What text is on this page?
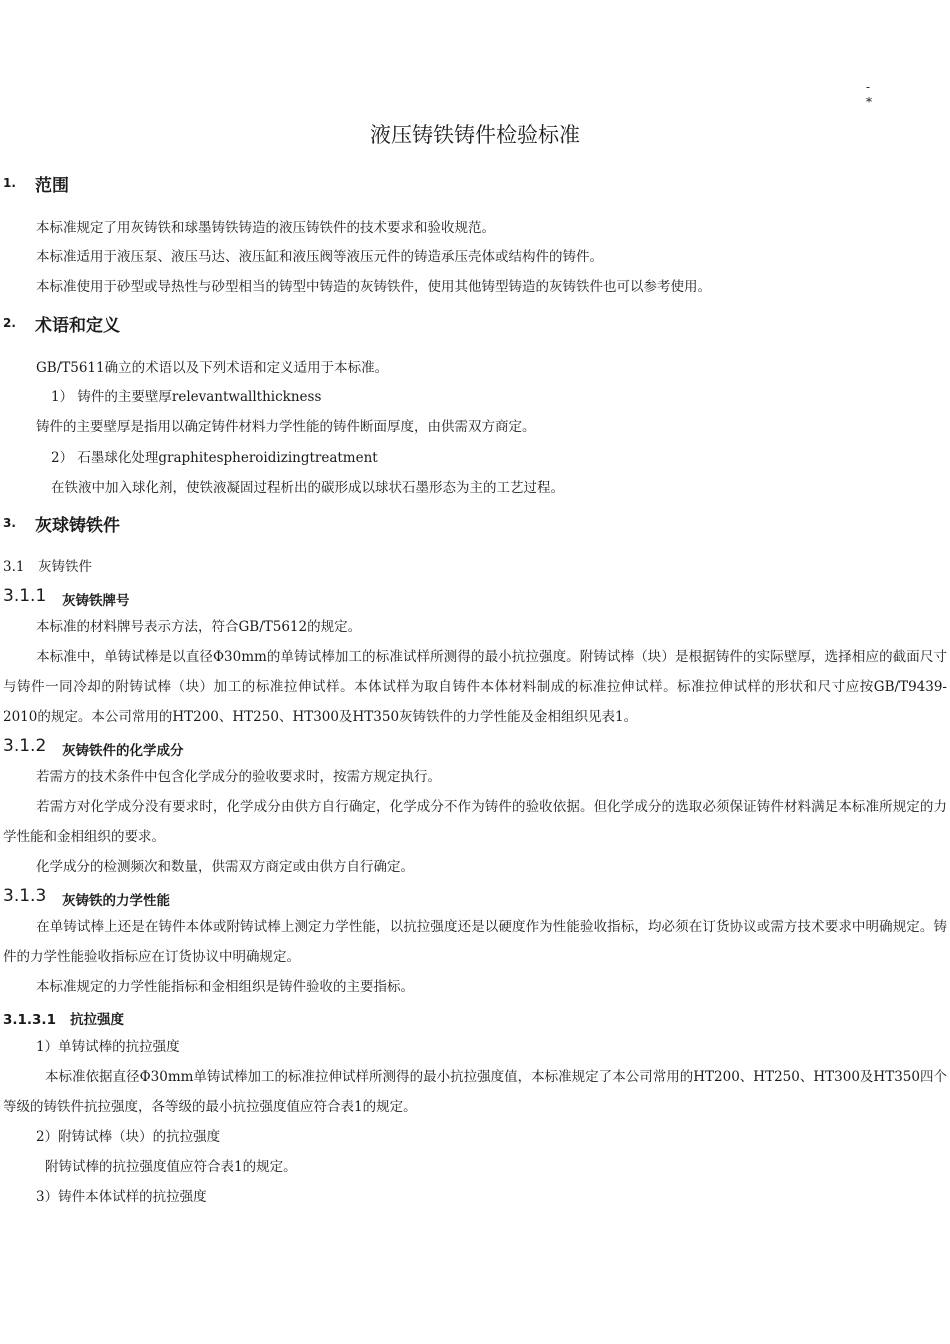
-
*
液压铸铁铸件检验标准
1. 范围
本标准规定了用灰铸铁和球墨铸铁铸造的液压铸铁件的技术要求和验收规范。
本标准适用于液压泵、液压马达、液压缸和液压阀等液压元件的铸造承压壳体或结构件的铸件。
本标准使用于砂型或导热性与砂型相当的铸型中铸造的灰铸铁件，使用其他铸型铸造的灰铸铁件也可以参考使用。
2. 术语和定义
GB/T5611确立的术语以及下列术语和定义适用于本标准。
1） 铸件的主要壁厚relevantwallthickness
铸件的主要壁厚是指用以确定铸件材料力学性能的铸件断面厚度，由供需双方商定。
2） 石墨球化处理graphitespheroidizingtreatment
在铁液中加入球化剂，使铁液凝固过程析出的碳形成以球状石墨形态为主的工艺过程。
3. 灰球铸铁件
3.1　灰铸铁件
3.1.1 灰铸铁牌号
本标准的材料牌号表示方法，符合GB/T5612的规定。
本标准中，单铸试棒是以直径Φ30mm的单铸试棒加工的标准试样所测得的最小抗拉强度。附铸试棒（块）是根据铸件的实际壁厚，选择相应的截面尺寸与铸件一同冷却的附铸试棒（块）加工的标准拉伸试样。本体试样为取自铸件本体材料制成的标准拉伸试样。标准拉伸试样的形状和尺寸应按GB/T9439-2010的规定。本公司常用的HT200、HT250、HT300及HT350灰铸铁件的力学性能及金相组织见表1。
3.1.2 灰铸铁件的化学成分
若需方的技术条件中包含化学成分的验收要求时，按需方规定执行。
若需方对化学成分没有要求时，化学成分由供方自行确定，化学成分不作为铸件的验收依据。但化学成分的选取必须保证铸件材料满足本标准所规定的力学性能和金相组织的要求。
化学成分的检测频次和数量，供需双方商定或由供方自行确定。
3.1.3 灰铸铁的力学性能
在单铸试棒上还是在铸件本体或附铸试棒上测定力学性能，以抗拉强度还是以硬度作为性能验收指标，均必须在订货协议或需方技术要求中明确规定。铸件的力学性能验收指标应在订货协议中明确规定。
本标准规定的力学性能指标和金相组织是铸件验收的主要指标。
3.1.3.1 抗拉强度
1）单铸试棒的抗拉强度
本标准依据直径Φ30mm单铸试棒加工的标准拉伸试样所测得的最小抗拉强度值，本标准规定了本公司常用的HT200、HT250、HT300及HT350四个等级的铸铁件抗拉强度，各等级的最小抗拉强度值应符合表1的规定。
2）附铸试棒（块）的抗拉强度
附铸试棒的抗拉强度值应符合表1的规定。
3）铸件本体试样的抗拉强度
